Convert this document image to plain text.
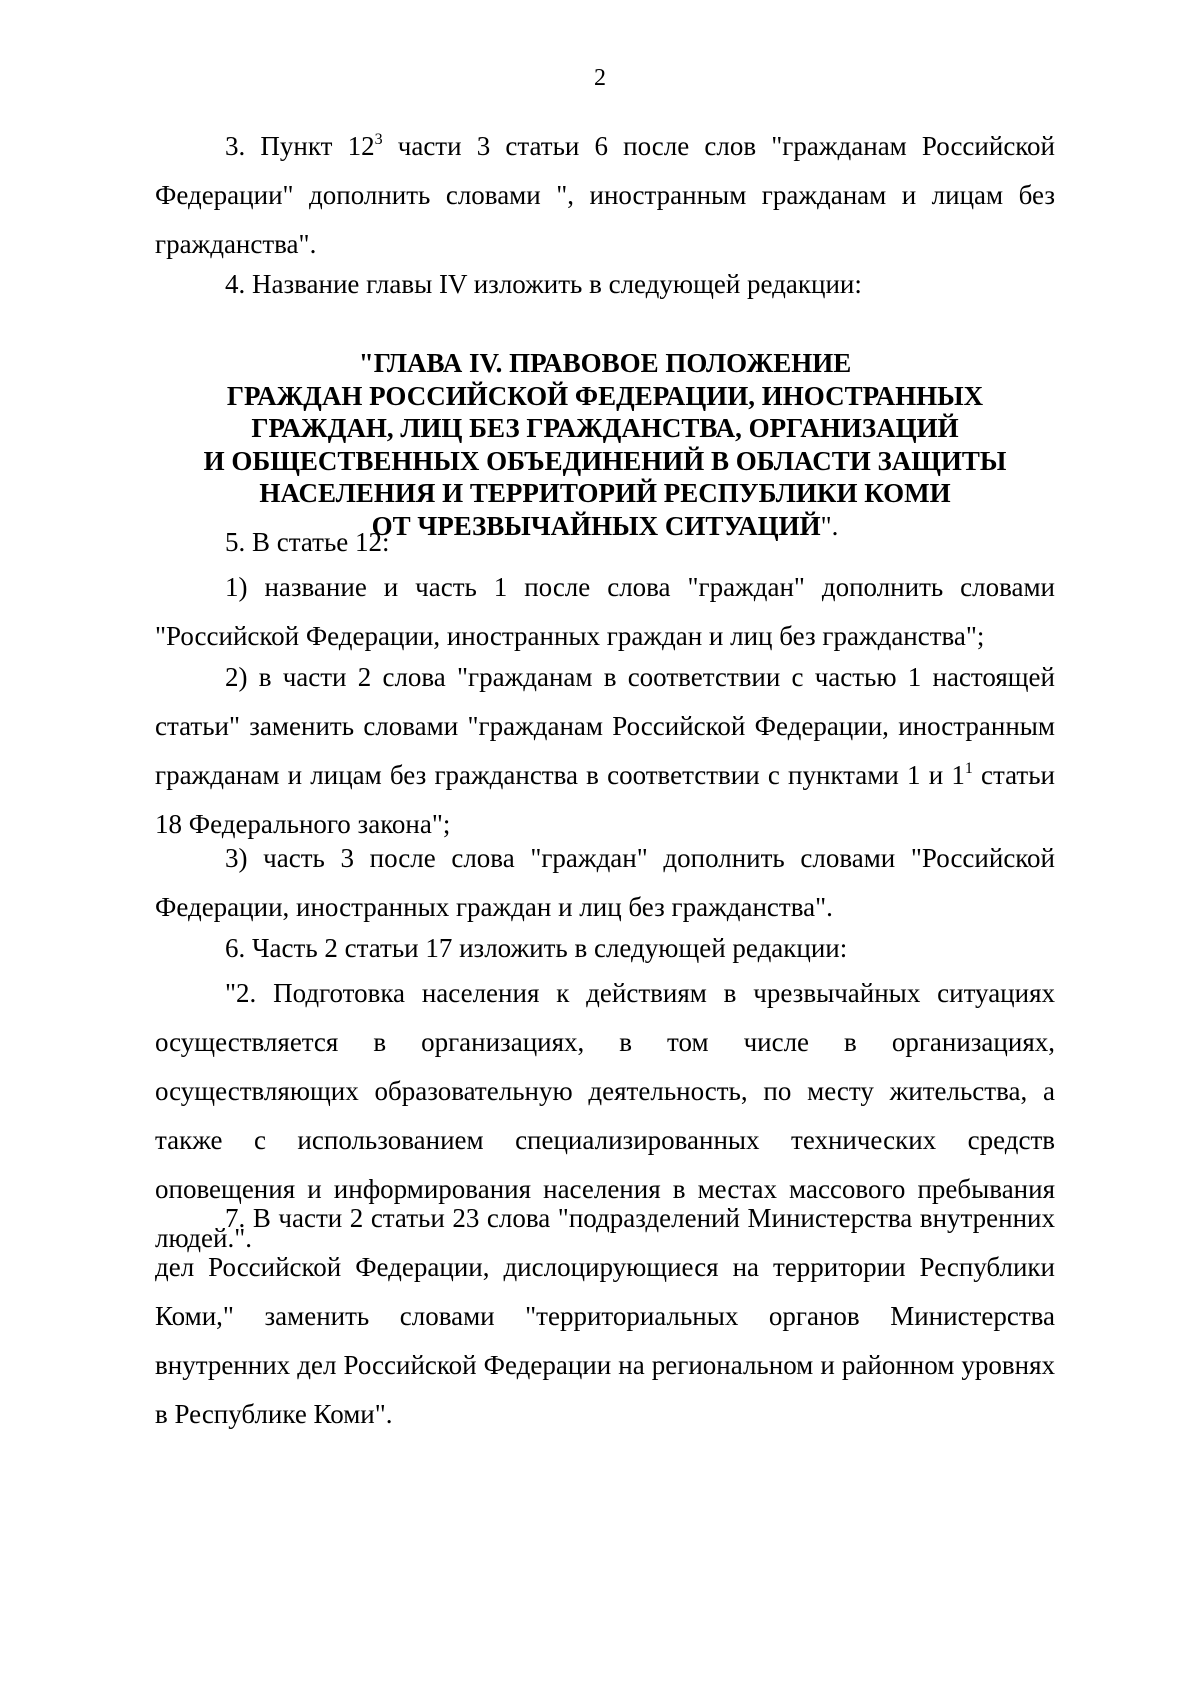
2

3. Пункт $12^3$ части 3 статьи 6 после слов "гражданам Российской Федерации" дополнить словами ", иностранным гражданам и лицам без гражданства".

4. Название главы IV изложить в следующей редакции:

"ГЛАВА IV. ПРАВОВОЕ ПОЛОЖЕНИЕ
ГРАЖДАН РОССИЙСКОЙ ФЕДЕРАЦИИ, ИНОСТРАННЫХ
ГРАЖДАН, ЛИЦ БЕЗ ГРАЖДАНСТВА, ОРГАНИЗАЦИЙ
И ОБЩЕСТВЕННЫХ ОБЪЕДИНЕНИЙ В ОБЛАСТИ ЗАЩИТЫ
НАСЕЛЕНИЯ И ТЕРРИТОРИЙ РЕСПУБЛИКИ КОМИ
ОТ ЧРЕЗВЫЧАЙНЫХ СИТУАЦИЙ".

5. В статье 12:

1) название и часть 1 после слова "граждан" дополнить словами "Российской Федерации, иностранных граждан и лиц без гражданства";

2) в части 2 слова "гражданам в соответствии с частью 1 настоящей статьи" заменить словами "гражданам Российской Федерации, иностранным гражданам и лицам без гражданства в соответствии с пунктами 1 и $1^1$ статьи 18 Федерального закона";

3) часть 3 после слова "граждан" дополнить словами "Российской Федерации, иностранных граждан и лиц без гражданства".

6. Часть 2 статьи 17 изложить в следующей редакции:

"2. Подготовка населения к действиям в чрезвычайных ситуациях осуществляется в организациях, в том числе в организациях, осуществляющих образовательную деятельность, по месту жительства, а также с использованием специализированных технических средств оповещения и информирования населения в местах массового пребывания людей.".

7. В части 2 статьи 23 слова "подразделений Министерства внутренних дел Российской Федерации, дислоцирующиеся на территории Республики Коми," заменить словами "территориальных органов Министерства внутренних дел Российской Федерации на региональном и районном уровнях в Республике Коми".
